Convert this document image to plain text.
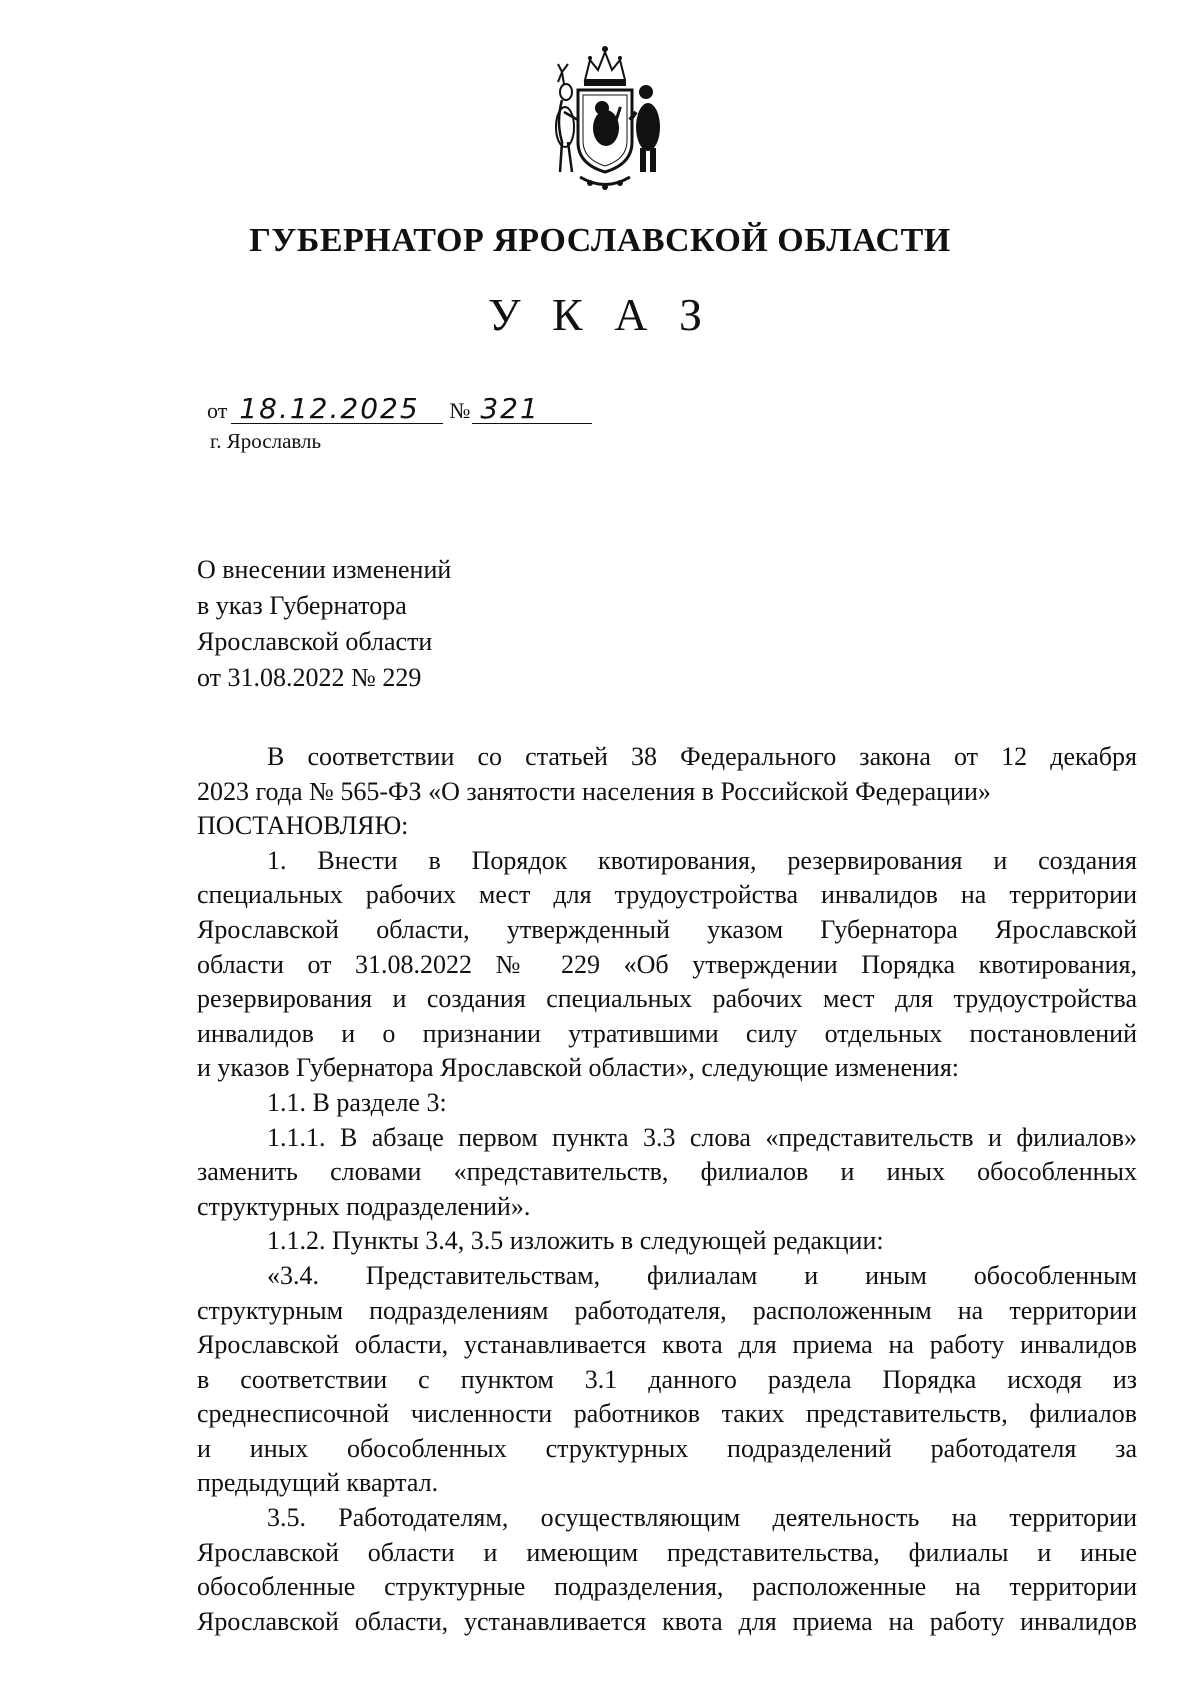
ГУБЕРНАТОР ЯРОСЛАВСКОЙ ОБЛАСТИ
У К А З
от 18.12.2025 № 321
г. Ярославль
О внесении изменений
в указ Губернатора
Ярославской области
от 31.08.2022 № 229

В соответствии со статьей 38 Федерального закона от 12 декабря
2023 года № 565-ФЗ «О занятости населения в Российской Федерации»

ПОСТАНОВЛЯЮ:

1. Внести в Порядок квотирования, резервирования и создания
специальных рабочих мест для трудоустройства инвалидов на территории
Ярославской области, утвержденный указом Губернатора Ярославской
области от 31.08.2022 № 229 «Об утверждении Порядка квотирования,
резервирования и создания специальных рабочих мест для трудоустройства
инвалидов и о признании утратившими силу отдельных постановлений
и указов Губернатора Ярославской области», следующие изменения:

1.1. В разделе 3:

1.1.1. В абзаце первом пункта 3.3 слова «представительств и филиалов»
заменить словами «представительств, филиалов и иных обособленных
структурных подразделений».

1.1.2. Пункты 3.4, 3.5 изложить в следующей редакции:

«3.4. Представительствам, филиалам и иным обособленным
структурным подразделениям работодателя, расположенным на территории
Ярославской области, устанавливается квота для приема на работу инвалидов
в соответствии с пунктом 3.1 данного раздела Порядка исходя из
среднесписочной численности работников таких представительств, филиалов
и иных обособленных структурных подразделений работодателя за
предыдущий квартал.

3.5. Работодателям, осуществляющим деятельность на территории
Ярославской области и имеющим представительства, филиалы и иные
обособленные структурные подразделения, расположенные на территории
Ярославской области, устанавливается квота для приема на работу инвалидов
